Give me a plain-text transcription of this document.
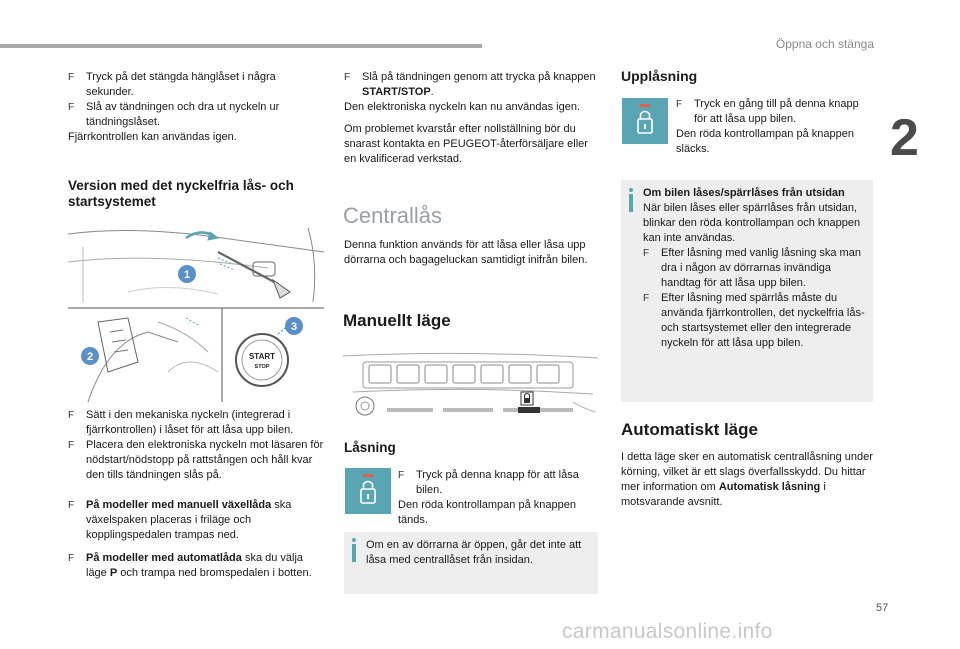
Öppna och stänga
2

F Tryck på det stängda hänglåset i några sekunder.

F Slå av tändningen och dra ut nyckeln ur tändningslåset.

Fjärrkontrollen kan användas igen.

Version med det nyckelfria lås- och startsystemet

START
STOP
1
2
3

F Sätt i den mekaniska nyckeln (integrerad i fjärrkontrollen) i låset för att låsa upp bilen.

F Placera den elektroniska nyckeln mot läsaren för nödstart/nödstopp på rattstången och håll kvar den tills tändningen slås på.

F På modeller med manuell växellåda ska växelspaken placeras i friläge och kopplingspedalen trampas ned.

F På modeller med automatlåda ska du välja läge P och trampa ned bromspedalen i botten.

F Slå på tändningen genom att trycka på knappen START/STOP.

Den elektroniska nyckeln kan nu användas igen.

Om problemet kvarstår efter nollställning bör du snarast kontakta en PEUGEOT-återförsäljare eller en kvalificerad verkstad.

Centrallås

Denna funktion används för att låsa eller låsa upp dörrarna och bagageluckan samtidigt inifrån bilen.

Manuellt läge

Låsning

F Tryck på denna knapp för att låsa bilen.

Den röda kontrollampan på knappen tänds.

Om en av dörrarna är öppen, går det inte att låsa med centrallåset från insidan.

Upplåsning

F Tryck en gång till på denna knapp för att låsa upp bilen.

Den röda kontrollampan på knappen släcks.

Om bilen låses/spärrlåses från utsidan

När bilen låses eller spärrlåses från utsidan, blinkar den röda kontrollampan och knappen kan inte användas.

F Efter låsning med vanlig låsning ska man dra i någon av dörrarnas invändiga handtag för att låsa upp bilen.

F Efter låsning med spärrlås måste du använda fjärrkontrollen, det nyckelfria lås- och startsystemet eller den integrerade nyckeln för att låsa upp bilen.

Automatiskt läge

I detta läge sker en automatisk centrallåsning under körning, vilket är ett slags överfallsskydd. Du hittar mer information om Automatisk låsning i motsvarande avsnitt.

57
carmanualsonline.info
